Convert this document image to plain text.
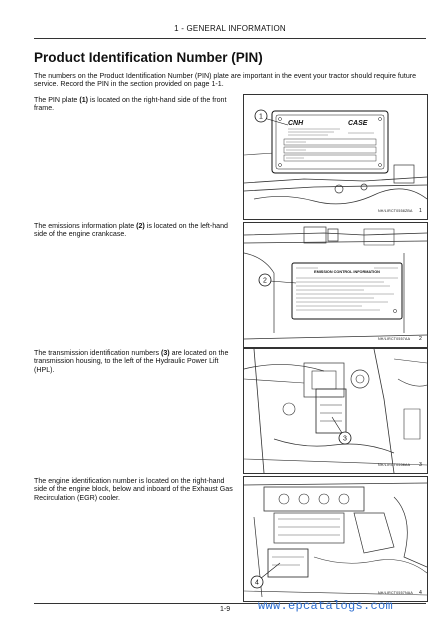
1 - GENERAL INFORMATION
Product Identification Number (PIN)
The numbers on the Product Identification Number (PIN) plate are important in the event your tractor should require future service. Record the PIN in the section provided on page 1-1.
The PIN plate (1) is located on the right-hand side of the front frame.
CNH	CASE
1
NH/LIRCT0558ZBA 1
The emissions information plate (2) is located on the left-hand side of the engine crankcase.
EMISSION CONTROL INFORMATION
2
NH/LIRCT0557AA 2
The transmission identification numbers (3) are located on the transmission housing, to the left of the Hydraulic Power Lift (HPL).
3
NH/LIRCT0558AA 3
The engine identification number is located on the right-hand side of the engine block, below and inboard of the Exhaust Gas Recirculation (EGR) cooler.
4
NH/LIRCT0557NAA 4
1-9 www.epcatalogs.com
